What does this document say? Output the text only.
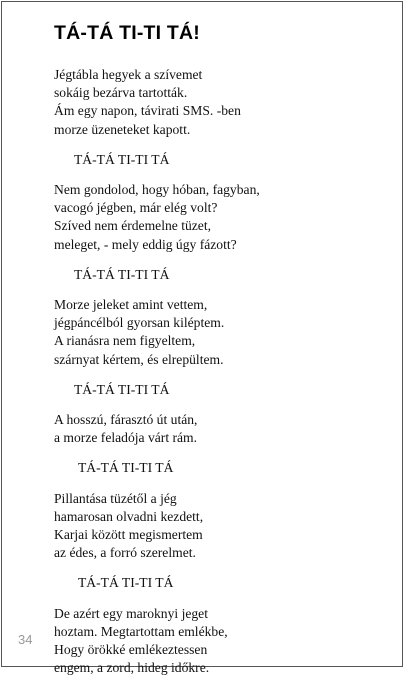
TÁ-TÁ TI-TI TÁ!
Jégtábla hegyek a szívemet
sokáig bezárva tartották.
Ám egy napon, távirati SMS. -ben
morze üzeneteket kapott.
TÁ-TÁ TI-TI TÁ
Nem gondolod, hogy hóban, fagyban,
vacogó jégben, már elég volt?
Szíved nem érdemelne tüzet,
meleget, - mely eddig úgy fázott?
TÁ-TÁ TI-TI TÁ
Morze jeleket amint vettem,
jégpáncélból gyorsan kiléptem.
A rianásra nem figyeltem,
szárnyat kértem, és elrepültem.
TÁ-TÁ TI-TI TÁ
A hosszú, fárasztó út után,
a morze feladója várt rám.
TÁ-TÁ TI-TI TÁ
Pillantása tüzétől a jég
hamarosan olvadni kezdett,
Karjai között megismertem
az édes, a forró szerelmet.
TÁ-TÁ TI-TI TÁ
De azért egy maroknyi jeget
hoztam. Megtartottam emlékbe,
Hogy örökké emlékeztessen
engem, a zord, hideg időkre.
34
